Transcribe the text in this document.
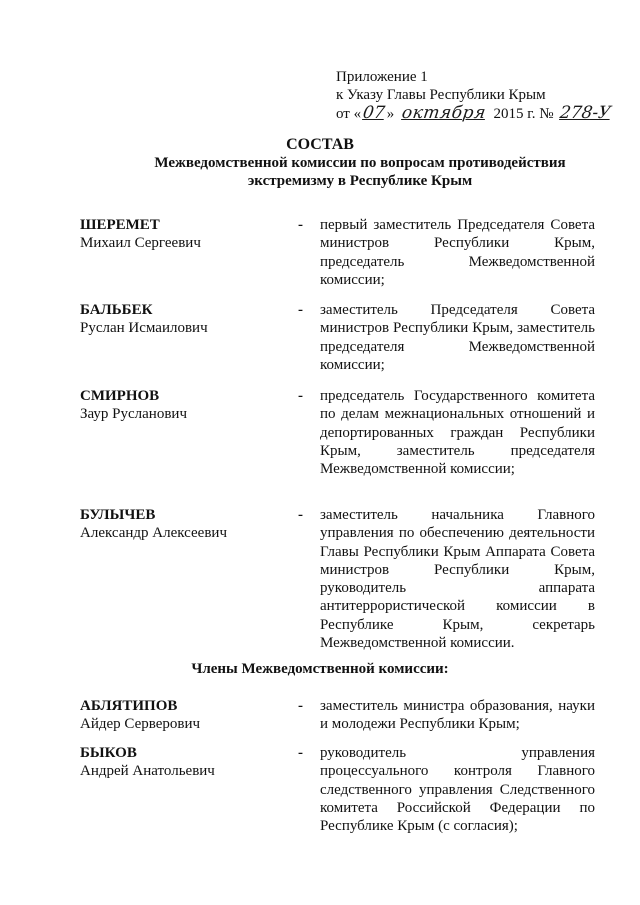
Приложение 1
к Указу Главы Республики Крым
от «07» октября 2015 г. № 278-У
СОСТАВ
Межведомственной комиссии по вопросам противодействия
экстремизму в Республике Крым
ШЕРЕМЕТ
Михаил Сергеевич
- первый заместитель Председателя Совета министров Республики Крым, председатель Межведомственной комиссии;
БАЛЬБЕК
Руслан Исмаилович
- заместитель Председателя Совета министров Республики Крым, заместитель председателя Межведомственной комиссии;
СМИРНОВ
Заур Русланович
- председатель Государственного комитета по делам межнациональных отношений и депортированных граждан Республики Крым, заместитель председателя Межведомственной комиссии;
БУЛЫЧЕВ
Александр Алексеевич
- заместитель начальника Главного управления по обеспечению деятельности Главы Республики Крым Аппарата Совета министров Республики Крым, руководитель аппарата антитеррористической комиссии в Республике Крым, секретарь Межведомственной комиссии.
Члены Межведомственной комиссии:
АБЛЯТИПОВ
Айдер Серверович
- заместитель министра образования, науки и молодежи Республики Крым;
БЫКОВ
Андрей Анатольевич
- руководитель управления процессуального контроля Главного следственного управления Следственного комитета Российской Федерации по Республике Крым (с согласия);
